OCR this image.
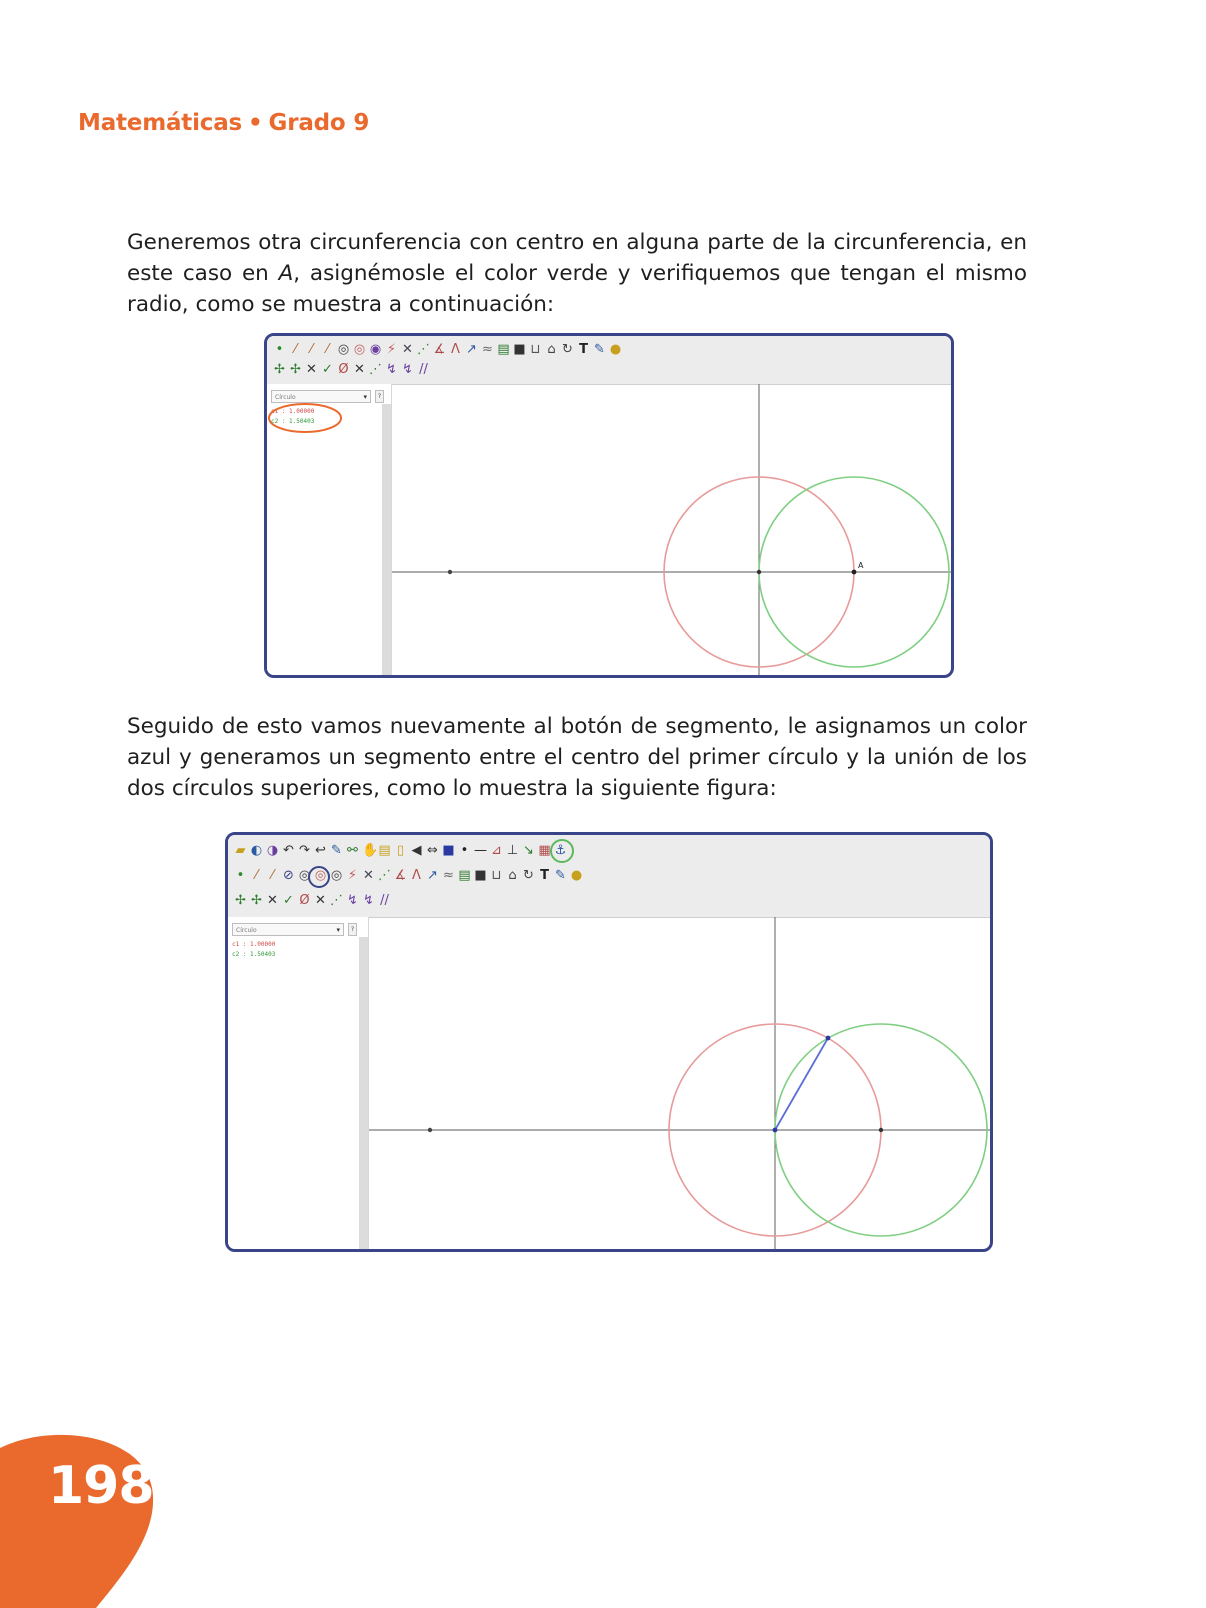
Matemáticas • Grado 9

Generemos otra circunferencia con centro en alguna parte de la circunferencia, en este caso en A, asignémosle el color verde y verifiquemos que tengan el mismo radio, como se muestra a continuación:

• ⁄	⁄	⁄ ◎ ◎ ◉ ⚡ ✕ ⋰ ∡ Λ ↗ ≈ ▤ ■ ⊔ ⌂ ↻ T ✎ ●
✢ ✢ ✕ ✓ Ø ✕ ⋰ ↯ ↯ //
Círculo	▾	?
c1 : 1.00000
c2 : 1.50403
A

Seguido de esto vamos nuevamente al botón de segmento, le asignamos un color azul y generamos un segmento entre el centro del primer círculo y la unión de los dos círculos superiores, como lo muestra la siguiente figura:

▰ ◐ ◑ ↶ ↷ ↩ ✎ ⚯ ✋ ▤ ▯ ◀ ⇔ ■ • — ⊿ ⊥ ↘ ▦ ⚓
• ⁄	⁄ ⊘ ◎ ◎ ◎ ⚡ ✕ ⋰ ∡ Λ ↗ ≈ ▤ ■ ⊔ ⌂ ↻ T ✎ ●
✢ ✢ ✕ ✓ Ø ✕ ⋰ ↯ ↯ //
Círculo	▾	?
c1 : 1.00000
c2 : 1.50403
198
